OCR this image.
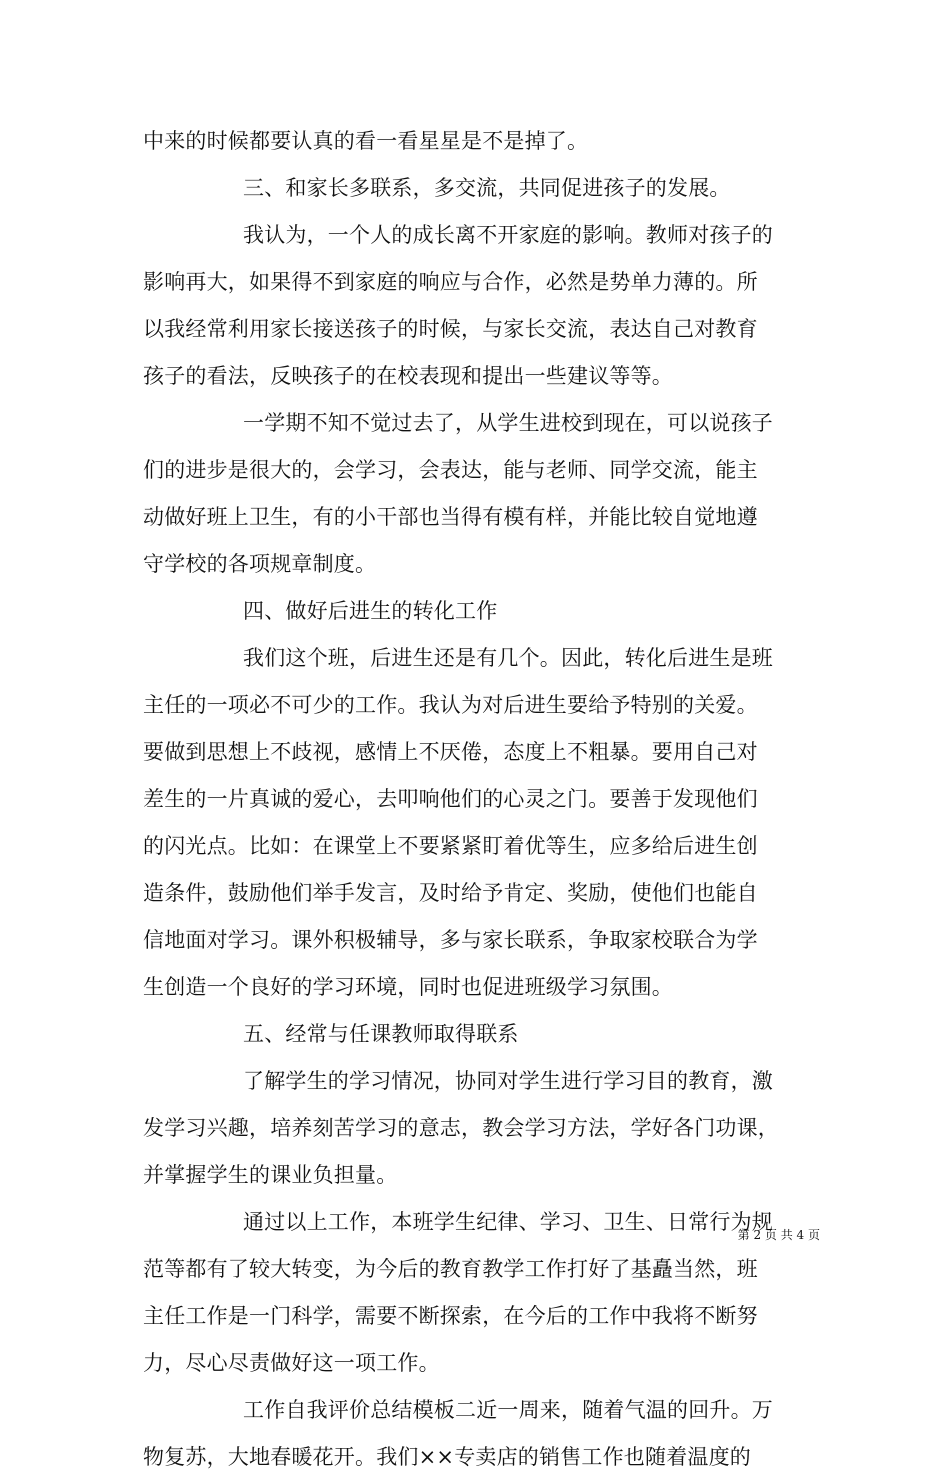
中来的时候都要认真的看一看星星是不是掉了。
三、和家长多联系，多交流，共同促进孩子的发展。
我认为，一个人的成长离不开家庭的影响。教师对孩子的
影响再大，如果得不到家庭的响应与合作，必然是势单力薄的。所
以我经常利用家长接送孩子的时候，与家长交流，表达自己对教育
孩子的看法，反映孩子的在校表现和提出一些建议等等。
一学期不知不觉过去了，从学生进校到现在，可以说孩子
们的进步是很大的，会学习，会表达，能与老师、同学交流，能主
动做好班上卫生，有的小干部也当得有模有样，并能比较自觉地遵
守学校的各项规章制度。
四、做好后进生的转化工作
我们这个班，后进生还是有几个。因此，转化后进生是班
主任的一项必不可少的工作。我认为对后进生要给予特别的关爱。
要做到思想上不歧视，感情上不厌倦，态度上不粗暴。要用自己对
差生的一片真诚的爱心，去叩响他们的心灵之门。要善于发现他们
的闪光点。比如：在课堂上不要紧紧盯着优等生，应多给后进生创
造条件，鼓励他们举手发言，及时给予肯定、奖励，使他们也能自
信地面对学习。课外积极辅导，多与家长联系，争取家校联合为学
生创造一个良好的学习环境，同时也促进班级学习氛围。
五、经常与任课教师取得联系
了解学生的学习情况，协同对学生进行学习目的教育，激
发学习兴趣，培养刻苦学习的意志，教会学习方法，学好各门功课，
并掌握学生的课业负担量。
通过以上工作，本班学生纪律、学习、卫生、日常行为规
范等都有了较大转变，为今后的教育教学工作打好了基矗当然，班
主任工作是一门科学，需要不断探索，在今后的工作中我将不断努
力，尽心尽责做好这一项工作。
工作自我评价总结模板二近一周来，随着气温的回升。万
物复苏，大地春暖花开。我们××专卖店的销售工作也随着温度的
第 2 页 共 4 页
